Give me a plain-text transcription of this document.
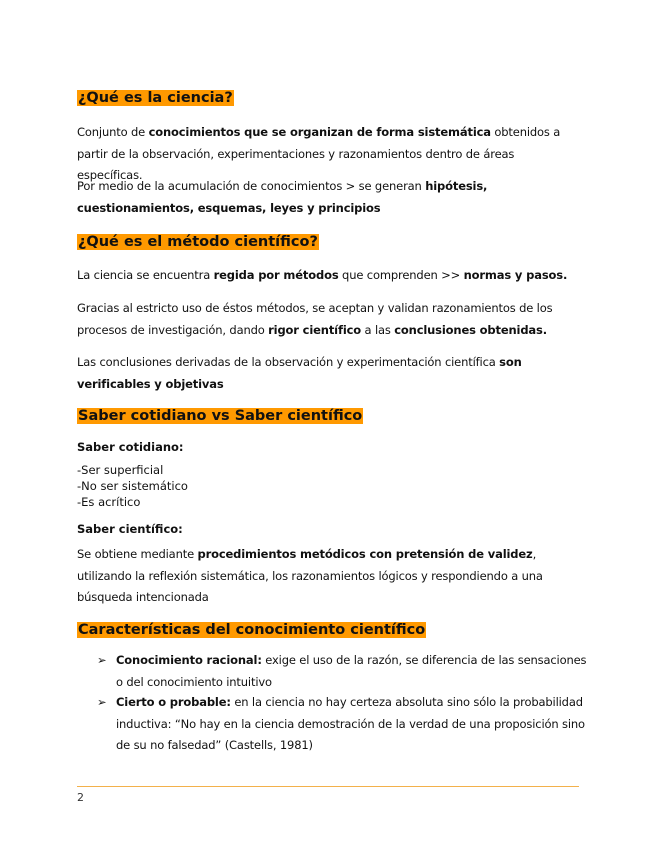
¿Qué es la ciencia?

Conjunto de conocimientos que se organizan de forma sistemática obtenidos a partir de la observación, experimentaciones y razonamientos dentro de áreas específicas.

Por medio de la acumulación de conocimientos > se generan hipótesis, cuestionamientos, esquemas, leyes y principios

¿Qué es el método científico?

La ciencia se encuentra regida por métodos que comprenden >> normas y pasos.

Gracias al estricto uso de éstos métodos, se aceptan y validan razonamientos de los procesos de investigación, dando rigor científico a las conclusiones obtenidas.

Las conclusiones derivadas de la observación y experimentación científica son verificables y objetivas

Saber cotidiano vs Saber científico

Saber cotidiano:

-Ser superficial
-No ser sistemático
-Es acrítico

Saber científico:

Se obtiene mediante procedimientos metódicos con pretensión de validez, utilizando la reflexión sistemática, los razonamientos lógicos y respondiendo a una búsqueda intencionada

Características del conocimiento científico
➢ Conocimiento racional: exige el uso de la razón, se diferencia de las sensaciones o del conocimiento intuitivo
➢ Cierto o probable: en la ciencia no hay certeza absoluta sino sólo la probabilidad inductiva: “No hay en la ciencia demostración de la verdad de una proposición sino de su no falsedad” (Castells, 1981)
2
